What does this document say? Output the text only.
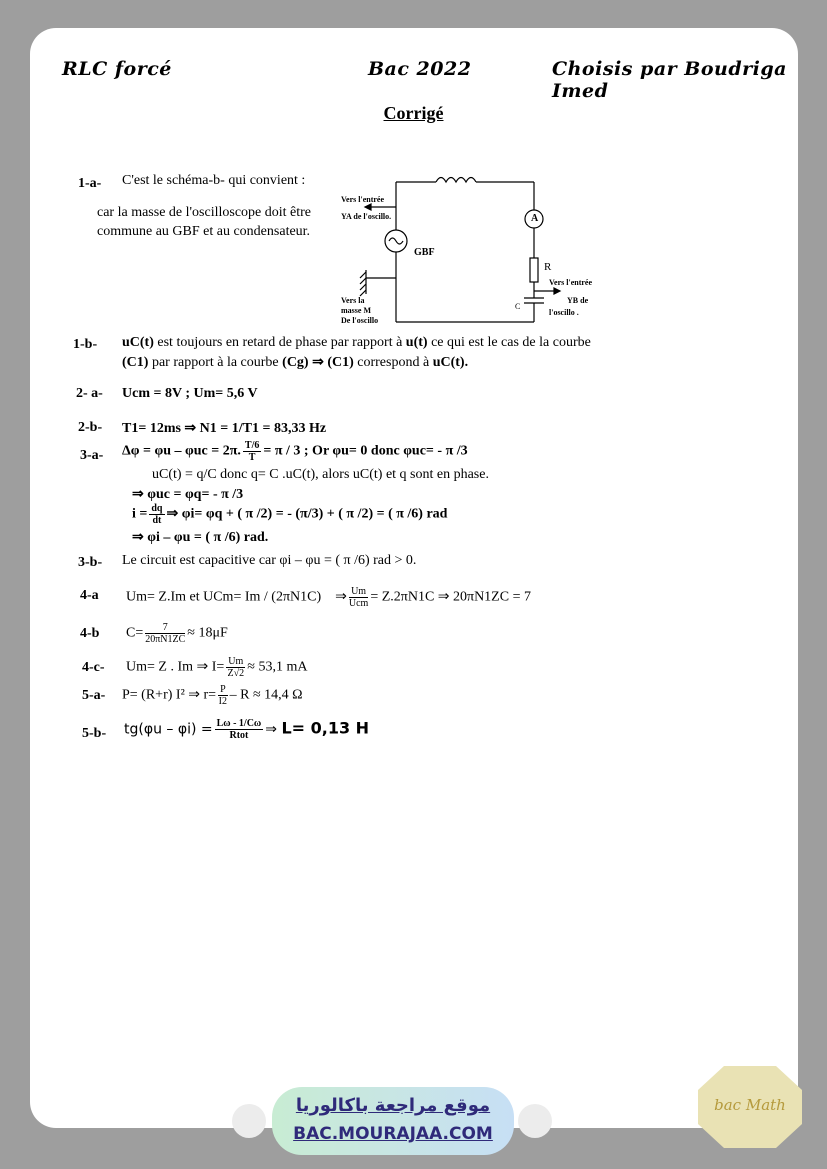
RLC forcé	Bac 2022	Choisis par Boudriga Imed
Corrigé
1-a- C'est le schéma-b- qui convient :
car la masse de l'oscilloscope doit être
commune au GBF et au condensateur.
Vers l'entrée
YA de l'oscillo.
GBF
A
R
C
Vers l'entrée
YB de
l'oscillo .
Vers la
masse M
De l'oscillo
1-b- uC(t) est toujours en retard de phase par rapport à u(t) ce qui est le cas de la courbe
(C1) par rapport à la courbe (Cg) ⇒ (C1) correspond à uC(t).
2- a- Ucm = 8V ; Um= 5,6 V
2-b- T1= 12ms ⇒ N1 = 1/T1 = 83,33 Hz
3-a- Δφ = φu – φuc = 2π. $\frac{T/6}{T} = \pi / 3$ ; Or φu= 0 donc φuc= - π /3
uC(t) = q/C donc q= C .uC(t), alors uC(t) et q sont en phase.
⇒ φuc = φq= - π /3
$i = \frac{dq}{dt}$ ⇒ φi= φq + ( π /2) = - (π/3) + ( π /2) = ( π /6) rad
⇒ φi – φu = ( π /6) rad.
3-b- Le circuit est capacitive car φi – φu = ( π /6) rad > 0.
4-a Um= Z.Im et UCm= Im / (2πN1C) ⇒ $\frac{Um}{\text{Ucm}} = Z.2\pi N1C$ ⇒ 20πN1ZC = 7
4-b $C= \frac{7}{20\pi N1ZC} \approx 18\mu F$
4-c- Um= Z . Im ⇒ $I= \frac{Um}{Z√2} \approx 53,1$ mA
5-a- P= (R+r) I² ⇒ $r= \frac{P}{I2} - R \approx 14,4$ Ω
5-b- $tg(\varphi u - \varphi i) = \frac{L\omega - 1/C\omega}{\text{Rtot}}$ ⇒ L= 0,13 H
موقع مراجعة باكالوريا
BAC.MOURAJAA.COM
bac Math
